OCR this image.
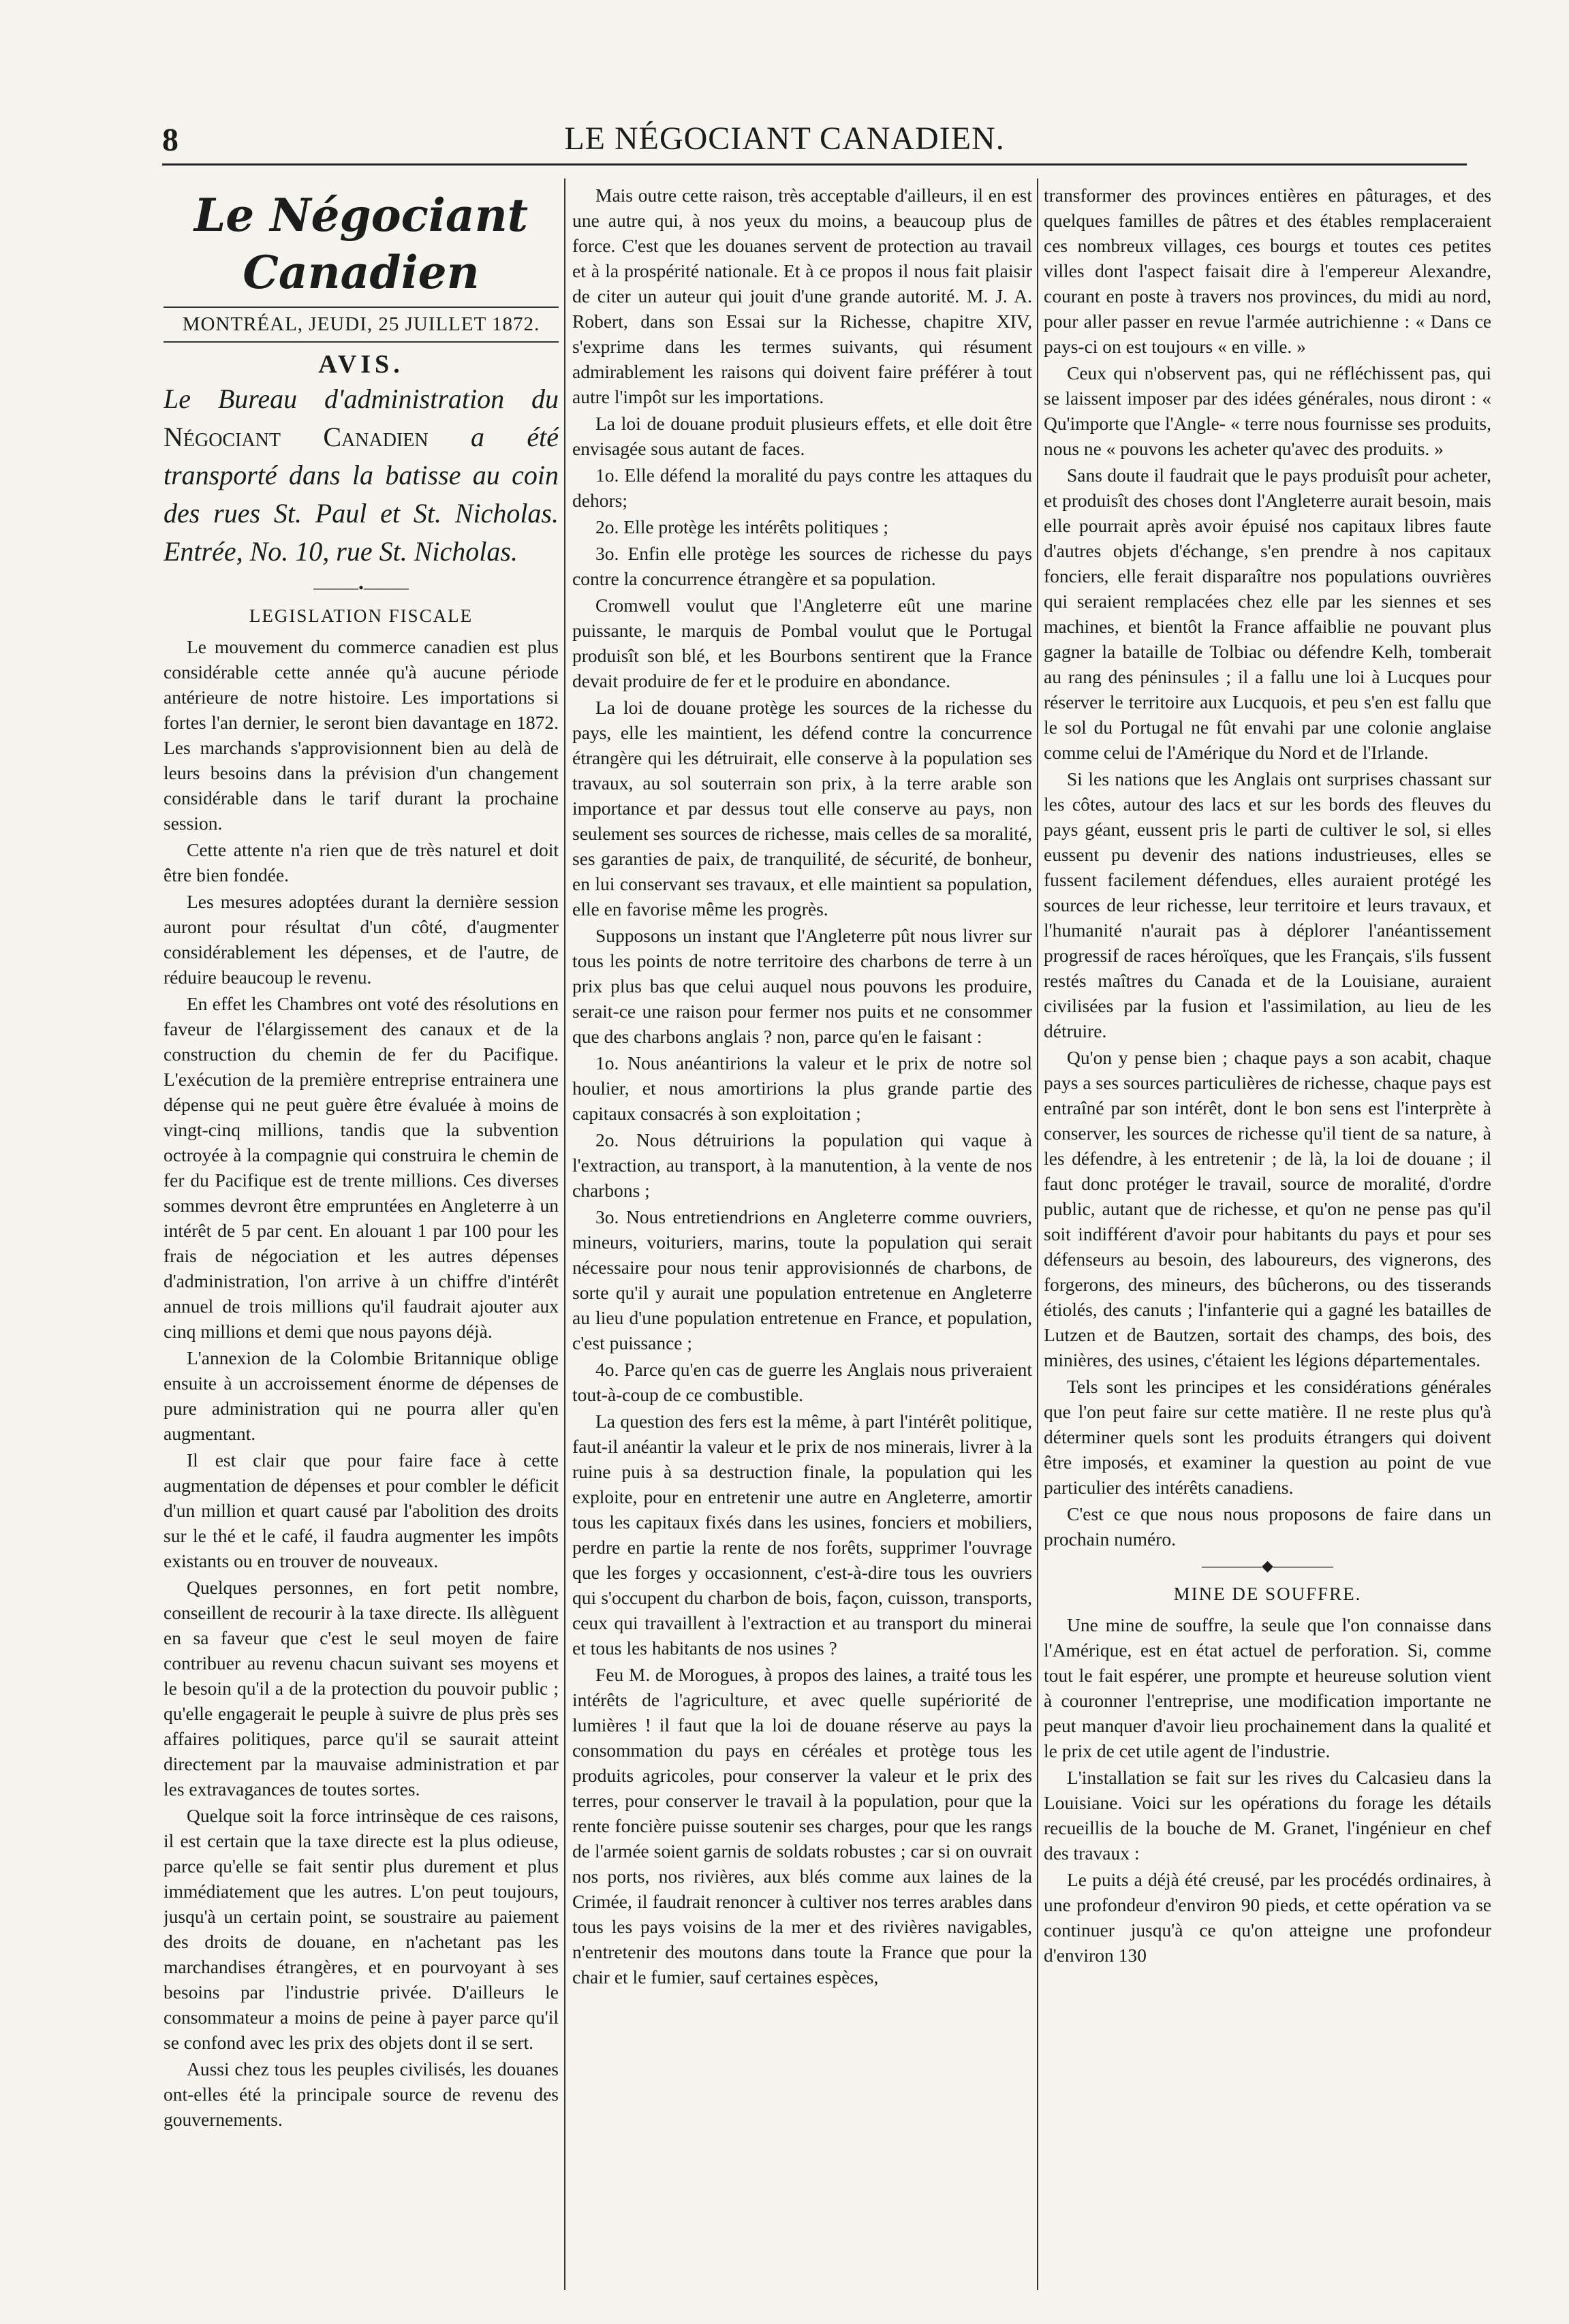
8	LE NÉGOCIANT CANADIEN.
Le Négociant Canadien
MONTRÉAL, JEUDI, 25 JUILLET 1872.
AVIS.
Le Bureau d'administration du Négociant Canadien a été transporté dans la batisse au coin des rues St. Paul et St. Nicholas. Entrée, No. 10, rue St. Nicholas.
———•———
LEGISLATION FISCALE

Le mouvement du commerce canadien est plus considérable cette année qu'à aucune période antérieure de notre histoire. Les importations si fortes l'an dernier, le seront bien davantage en 1872. Les marchands s'approvisionnent bien au delà de leurs besoins dans la prévision d'un changement considérable dans le tarif durant la prochaine session.

Cette attente n'a rien que de très naturel et doit être bien fondée.

Les mesures adoptées durant la dernière session auront pour résultat d'un côté, d'augmenter considérablement les dépenses, et de l'autre, de réduire beaucoup le revenu.

En effet les Chambres ont voté des résolutions en faveur de l'élargissement des canaux et de la construction du chemin de fer du Pacifique. L'exécution de la première entreprise entrainera une dépense qui ne peut guère être évaluée à moins de vingt-cinq millions, tandis que la subvention octroyée à la compagnie qui construira le chemin de fer du Pacifique est de trente millions. Ces diverses sommes devront être empruntées en Angleterre à un intérêt de 5 par cent. En alouant 1 par 100 pour les frais de négociation et les autres dépenses d'administration, l'on arrive à un chiffre d'intérêt annuel de trois millions qu'il faudrait ajouter aux cinq millions et demi que nous payons déjà.

L'annexion de la Colombie Britannique oblige ensuite à un accroissement énorme de dépenses de pure administration qui ne pourra aller qu'en augmentant.

Il est clair que pour faire face à cette augmentation de dépenses et pour combler le déficit d'un million et quart causé par l'abolition des droits sur le thé et le café, il faudra augmenter les impôts existants ou en trouver de nouveaux.

Quelques personnes, en fort petit nombre, conseillent de recourir à la taxe directe. Ils allèguent en sa faveur que c'est le seul moyen de faire contribuer au revenu chacun suivant ses moyens et le besoin qu'il a de la protection du pouvoir public ; qu'elle engagerait le peuple à suivre de plus près ses affaires politiques, parce qu'il se saurait atteint directement par la mauvaise administration et par les extravagances de toutes sortes.

Quelque soit la force intrinsèque de ces raisons, il est certain que la taxe directe est la plus odieuse, parce qu'elle se fait sentir plus durement et plus immédiatement que les autres. L'on peut toujours, jusqu'à un certain point, se soustraire au paiement des droits de douane, en n'achetant pas les marchandises étrangères, et en pourvoyant à ses besoins par l'industrie privée. D'ailleurs le consommateur a moins de peine à payer parce qu'il se confond avec les prix des objets dont il se sert.

Aussi chez tous les peuples civilisés, les douanes ont-elles été la principale source de revenu des gouvernements.

Mais outre cette raison, très acceptable d'ailleurs, il en est une autre qui, à nos yeux du moins, a beaucoup plus de force. C'est que les douanes servent de protection au travail et à la prospérité nationale. Et à ce propos il nous fait plaisir de citer un auteur qui jouit d'une grande autorité. M. J. A. Robert, dans son Essai sur la Richesse, chapitre XIV, s'exprime dans les termes suivants, qui résument admirablement les raisons qui doivent faire préférer à tout autre l'impôt sur les importations.

La loi de douane produit plusieurs effets, et elle doit être envisagée sous autant de faces.

1o. Elle défend la moralité du pays contre les attaques du dehors;

2o. Elle protège les intérêts politiques ;

3o. Enfin elle protège les sources de richesse du pays contre la concurrence étrangère et sa population.

Cromwell voulut que l'Angleterre eût une marine puissante, le marquis de Pombal voulut que le Portugal produisît son blé, et les Bourbons sentirent que la France devait produire de fer et le produire en abondance.

La loi de douane protège les sources de la richesse du pays, elle les maintient, les défend contre la concurrence étrangère qui les détruirait, elle conserve à la population ses travaux, au sol souterrain son prix, à la terre arable son importance et par dessus tout elle conserve au pays, non seulement ses sources de richesse, mais celles de sa moralité, ses garanties de paix, de tranquilité, de sécurité, de bonheur, en lui conservant ses travaux, et elle maintient sa population, elle en favorise même les progrès.

Supposons un instant que l'Angleterre pût nous livrer sur tous les points de notre territoire des charbons de terre à un prix plus bas que celui auquel nous pouvons les produire, serait-ce une raison pour fermer nos puits et ne consommer que des charbons anglais ? non, parce qu'en le faisant :

1o. Nous anéantirions la valeur et le prix de notre sol houlier, et nous amortirions la plus grande partie des capitaux consacrés à son exploitation ;

2o. Nous détruirions la population qui vaque à l'extraction, au transport, à la manutention, à la vente de nos charbons ;

3o. Nous entretiendrions en Angleterre comme ouvriers, mineurs, voituriers, marins, toute la population qui serait nécessaire pour nous tenir approvisionnés de charbons, de sorte qu'il y aurait une population entretenue en Angleterre au lieu d'une population entretenue en France, et population, c'est puissance ;

4o. Parce qu'en cas de guerre les Anglais nous priveraient tout-à-coup de ce combustible.

La question des fers est la même, à part l'intérêt politique, faut-il anéantir la valeur et le prix de nos minerais, livrer à la ruine puis à sa destruction finale, la population qui les exploite, pour en entretenir une autre en Angleterre, amortir tous les capitaux fixés dans les usines, fonciers et mobiliers, perdre en partie la rente de nos forêts, supprimer l'ouvrage que les forges y occasionnent, c'est-à-dire tous les ouvriers qui s'occupent du charbon de bois, façon, cuisson, transports, ceux qui travaillent à l'extraction et au transport du minerai et tous les habitants de nos usines ?

Feu M. de Morogues, à propos des laines, a traité tous les intérêts de l'agriculture, et avec quelle supériorité de lumières ! il faut que la loi de douane réserve au pays la consommation du pays en céréales et protège tous les produits agricoles, pour conserver la valeur et le prix des terres, pour conserver le travail à la population, pour que la rente foncière puisse soutenir ses charges, pour que les rangs de l'armée soient garnis de soldats robustes ; car si on ouvrait nos ports, nos rivières, aux blés comme aux laines de la Crimée, il faudrait renoncer à cultiver nos terres arables dans tous les pays voisins de la mer et des rivières navigables, n'entretenir des moutons dans toute la France que pour la chair et le fumier, sauf certaines espèces,

transformer des provinces entières en pâturages, et des quelques familles de pâtres et des étables remplaceraient ces nombreux villages, ces bourgs et toutes ces petites villes dont l'aspect faisait dire à l'empereur Alexandre, courant en poste à travers nos provinces, du midi au nord, pour aller passer en revue l'armée autrichienne : « Dans ce pays-ci on est toujours « en ville. »

Ceux qui n'observent pas, qui ne réfléchissent pas, qui se laissent imposer par des idées générales, nous diront : « Qu'importe que l'Angle- « terre nous fournisse ses produits, nous ne « pouvons les acheter qu'avec des produits. »

Sans doute il faudrait que le pays produisît pour acheter, et produisît des choses dont l'Angleterre aurait besoin, mais elle pourrait après avoir épuisé nos capitaux libres faute d'autres objets d'échange, s'en prendre à nos capitaux fonciers, elle ferait disparaître nos populations ouvrières qui seraient remplacées chez elle par les siennes et ses machines, et bientôt la France affaiblie ne pouvant plus gagner la bataille de Tolbiac ou défendre Kelh, tomberait au rang des péninsules ; il a fallu une loi à Lucques pour réserver le territoire aux Lucquois, et peu s'en est fallu que le sol du Portugal ne fût envahi par une colonie anglaise comme celui de l'Amérique du Nord et de l'Irlande.

Si les nations que les Anglais ont surprises chassant sur les côtes, autour des lacs et sur les bords des fleuves du pays géant, eussent pris le parti de cultiver le sol, si elles eussent pu devenir des nations industrieuses, elles se fussent facilement défendues, elles auraient protégé les sources de leur richesse, leur territoire et leurs travaux, et l'humanité n'aurait pas à déplorer l'anéantissement progressif de races héroïques, que les Français, s'ils fussent restés maîtres du Canada et de la Louisiane, auraient civilisées par la fusion et l'assimilation, au lieu de les détruire.

Qu'on y pense bien ; chaque pays a son acabit, chaque pays a ses sources particulières de richesse, chaque pays est entraîné par son intérêt, dont le bon sens est l'interprète à conserver, les sources de richesse qu'il tient de sa nature, à les défendre, à les entretenir ; de là, la loi de douane ; il faut donc protéger le travail, source de moralité, d'ordre public, autant que de richesse, et qu'on ne pense pas qu'il soit indifférent d'avoir pour habitants du pays et pour ses défenseurs au besoin, des laboureurs, des vignerons, des forgerons, des mineurs, des bûcherons, ou des tisserands étiolés, des canuts ; l'infanterie qui a gagné les batailles de Lutzen et de Bautzen, sortait des champs, des bois, des minières, des usines, c'étaient les légions départementales.

Tels sont les principes et les considérations générales que l'on peut faire sur cette matière. Il ne reste plus qu'à déterminer quels sont les produits étrangers qui doivent être imposés, et examiner la question au point de vue particulier des intérêts canadiens.

C'est ce que nous nous proposons de faire dans un prochain numéro.

————◆————
MINE DE SOUFFRE.

Une mine de souffre, la seule que l'on connaisse dans l'Amérique, est en état actuel de perforation. Si, comme tout le fait espérer, une prompte et heureuse solution vient à couronner l'entreprise, une modification importante ne peut manquer d'avoir lieu prochainement dans la qualité et le prix de cet utile agent de l'industrie.

L'installation se fait sur les rives du Calcasieu dans la Louisiane. Voici sur les opérations du forage les détails recueillis de la bouche de M. Granet, l'ingénieur en chef des travaux :

Le puits a déjà été creusé, par les procédés ordinaires, à une profondeur d'environ 90 pieds, et cette opération va se continuer jusqu'à ce qu'on atteigne une profondeur d'environ 130
